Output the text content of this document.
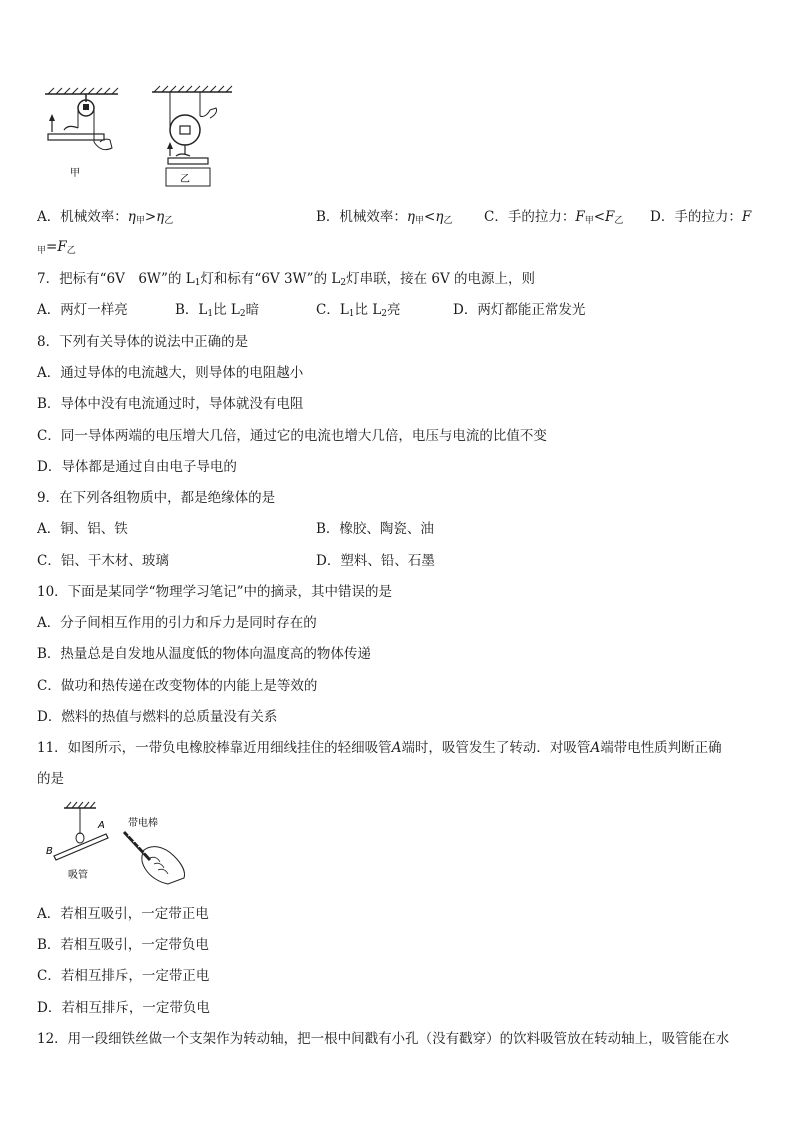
甲
乙
A．机械效率：$\eta_甲>\eta_乙$	B．机械效率：$\eta_甲<\eta_乙$ C．手的拉力：$F_甲<F_乙$ D．手的拉力：F
$_甲=F_乙$
7．把标有“6V　6W”的 $L_1$灯和标有“6V 3W”的 $L_2$灯串联，接在 6V 的电源上，则
A．两灯一样亮	B．$L_1$比 $L_2$暗	C．$L_1$比 $L_2$亮	D．两灯都能正常发光
8．下列有关导体的说法中正确的是
A．通过导体的电流越大，则导体的电阻越小
B．导体中没有电流通过时，导体就没有电阻
C．同一导体两端的电压增大几倍，通过它的电流也增大几倍，电压与电流的比值不变
D．导体都是通过自由电子导电的
9．在下列各组物质中，都是绝缘体的是
A．铜、铝、铁	B．橡胶、陶瓷、油
C．铝、干木材、玻璃	D．塑料、铅、石墨
10．下面是某同学“物理学习笔记”中的摘录，其中错误的是
A．分子间相互作用的引力和斥力是同时存在的
B．热量总是自发地从温度低的物体向温度高的物体传递
C．做功和热传递在改变物体的内能上是等效的
D．燃料的热值与燃料的总质量没有关系
11．如图所示，一带负电橡胶棒靠近用细线挂住的轻细吸管A端时，吸管发生了转动．对吸管A端带电性质判断正确
的是
B
A
吸管
带电棒
A．若相互吸引，一定带正电
B．若相互吸引，一定带负电
C．若相互排斥，一定带正电
D．若相互排斥，一定带负电
12．用一段细铁丝做一个支架作为转动轴，把一根中间戳有小孔（没有戳穿）的饮料吸管放在转动轴上，吸管能在水
